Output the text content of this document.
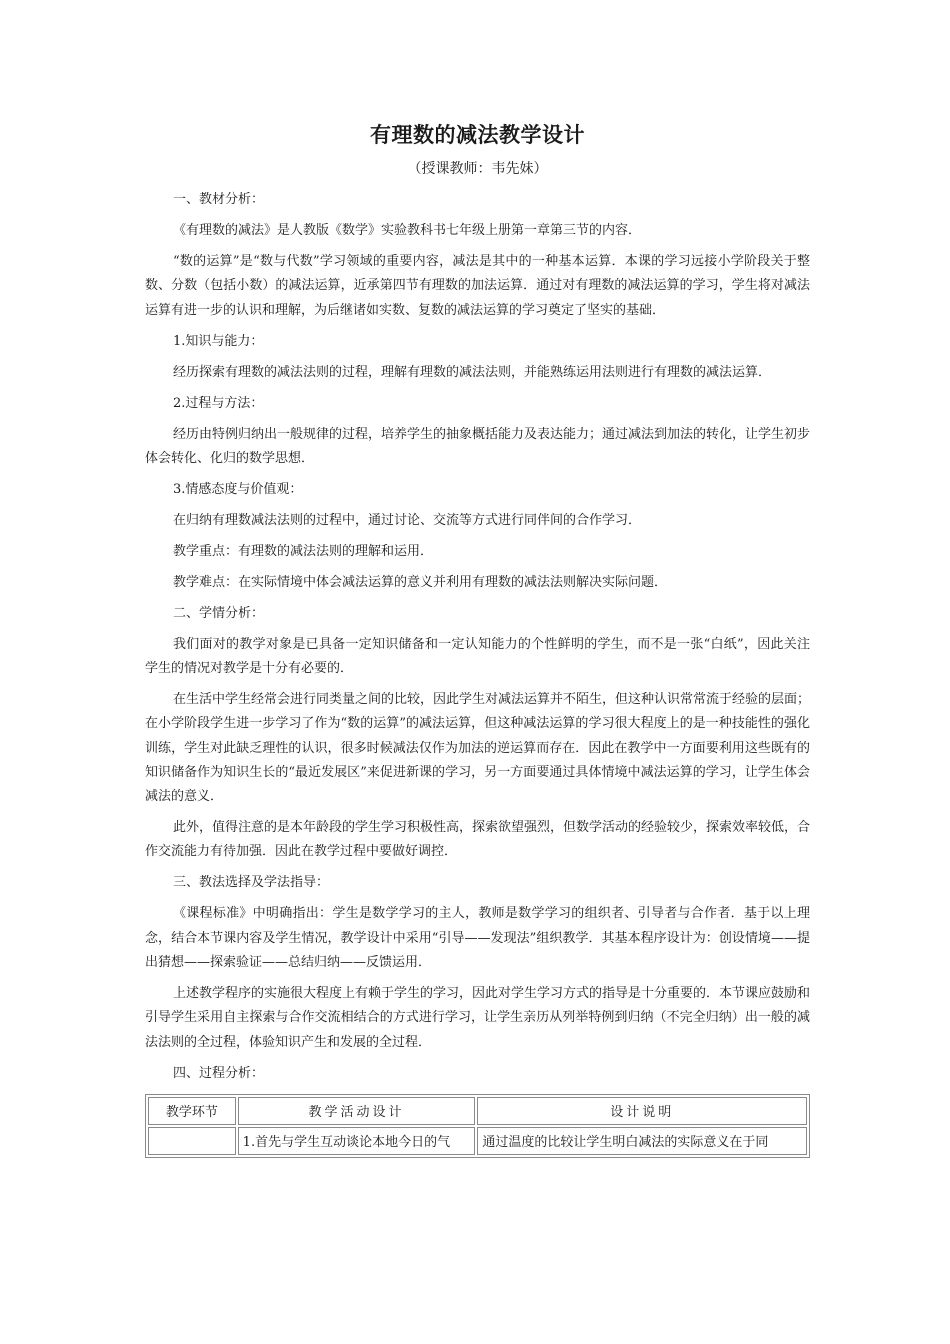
有理数的减法教学设计
（授课教师：韦先妹）

一、教材分析：

《有理数的减法》是人教版《数学》实验教科书七年级上册第一章第三节的内容．

“数的运算”是“数与代数”学习领域的重要内容，减法是其中的一种基本运算．本课的学习远接小学阶段关于整数、分数（包括小数）的减法运算，近承第四节有理数的加法运算．通过对有理数的减法运算的学习，学生将对减法运算有进一步的认识和理解，为后继诸如实数、复数的减法运算的学习奠定了坚实的基础．

1.知识与能力：

经历探索有理数的减法法则的过程，理解有理数的减法法则，并能熟练运用法则进行有理数的减法运算．

2.过程与方法：

经历由特例归纳出一般规律的过程，培养学生的抽象概括能力及表达能力；通过减法到加法的转化，让学生初步体会转化、化归的数学思想．

3.情感态度与价值观：

在归纳有理数减法法则的过程中，通过讨论、交流等方式进行同伴间的合作学习．

教学重点：有理数的减法法则的理解和运用．

教学难点：在实际情境中体会减法运算的意义并利用有理数的减法法则解决实际问题．

二、学情分析：

我们面对的教学对象是已具备一定知识储备和一定认知能力的个性鲜明的学生，而不是一张“白纸”，因此关注学生的情况对教学是十分有必要的．

在生活中学生经常会进行同类量之间的比较，因此学生对减法运算并不陌生，但这种认识常常流于经验的层面；在小学阶段学生进一步学习了作为“数的运算”的减法运算，但这种减法运算的学习很大程度上的是一种技能性的强化训练，学生对此缺乏理性的认识，很多时候减法仅作为加法的逆运算而存在．因此在教学中一方面要利用这些既有的知识储备作为知识生长的“最近发展区”来促进新课的学习，另一方面要通过具体情境中减法运算的学习，让学生体会减法的意义．

此外，值得注意的是本年龄段的学生学习积极性高，探索欲望强烈，但数学活动的经验较少，探索效率较低，合作交流能力有待加强．因此在教学过程中要做好调控．

三、教法选择及学法指导：

《课程标准》中明确指出：学生是数学学习的主人，教师是数学学习的组织者、引导者与合作者．基于以上理念，结合本节课内容及学生情况，教学设计中采用“引导——发现法”组织教学．其基本程序设计为：创设情境——提出猜想——探索验证——总结归纳——反馈运用．

上述教学程序的实施很大程度上有赖于学生的学习，因此对学生学习方式的指导是十分重要的．本节课应鼓励和引导学生采用自主探索与合作交流相结合的方式进行学习，让学生亲历从列举特例到归纳（不完全归纳）出一般的减法法则的全过程，体验知识产生和发展的全过程．

四、过程分析：

教学环节	教学活动设计	设计说明
	1.首先与学生互动谈论本地今日的气	通过温度的比较让学生明白减法的实际意义在于同
